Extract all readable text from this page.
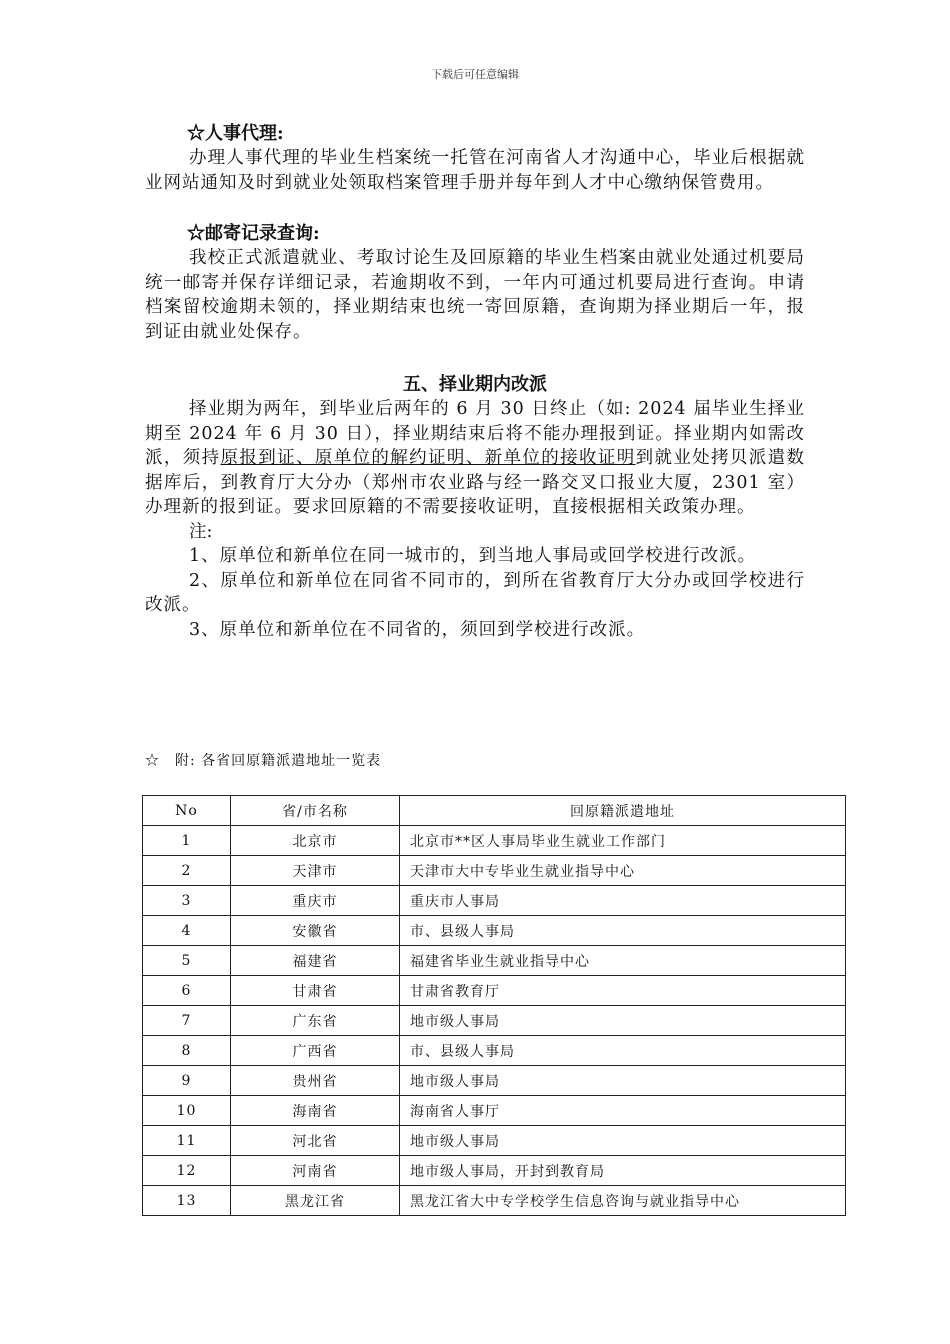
下载后可任意编辑
☆人事代理:
办理人事代理的毕业生档案统一托管在河南省人才沟通中心，毕业后根据就业网站通知及时到就业处领取档案管理手册并每年到人才中心缴纳保管费用。
☆邮寄记录查询:
我校正式派遣就业、考取讨论生及回原籍的毕业生档案由就业处通过机要局统一邮寄并保存详细记录，若逾期收不到，一年内可通过机要局进行查询。申请档案留校逾期未领的，择业期结束也统一寄回原籍，查询期为择业期后一年，报到证由就业处保存。
五、择业期内改派
择业期为两年，到毕业后两年的 6 月 30 日终止（如: 2024 届毕业生择业期至 2024 年 6 月 30 日），择业期结束后将不能办理报到证。择业期内如需改派，须持原报到证、原单位的解约证明、新单位的接收证明到就业处拷贝派遣数据库后，到教育厅大分办（郑州市农业路与经一路交叉口报业大厦，2301 室）办理新的报到证。要求回原籍的不需要接收证明，直接根据相关政策办理。
注:
1、原单位和新单位在同一城市的，到当地人事局或回学校进行改派。
2、原单位和新单位在同省不同市的，到所在省教育厅大分办或回学校进行改派。
3、原单位和新单位在不同省的，须回到学校进行改派。
☆　附: 各省回原籍派遣地址一览表
No	省/市名称	回原籍派遣地址
1	北京市	北京市**区人事局毕业生就业工作部门
2	天津市	天津市大中专毕业生就业指导中心
3	重庆市	重庆市人事局
4	安徽省	市、县级人事局
5	福建省	福建省毕业生就业指导中心
6	甘肃省	甘肃省教育厅
7	广东省	地市级人事局
8	广西省	市、县级人事局
9	贵州省	地市级人事局
10	海南省	海南省人事厅
11	河北省	地市级人事局
12	河南省	地市级人事局，开封到教育局
13	黑龙江省	黑龙江省大中专学校学生信息咨询与就业指导中心
